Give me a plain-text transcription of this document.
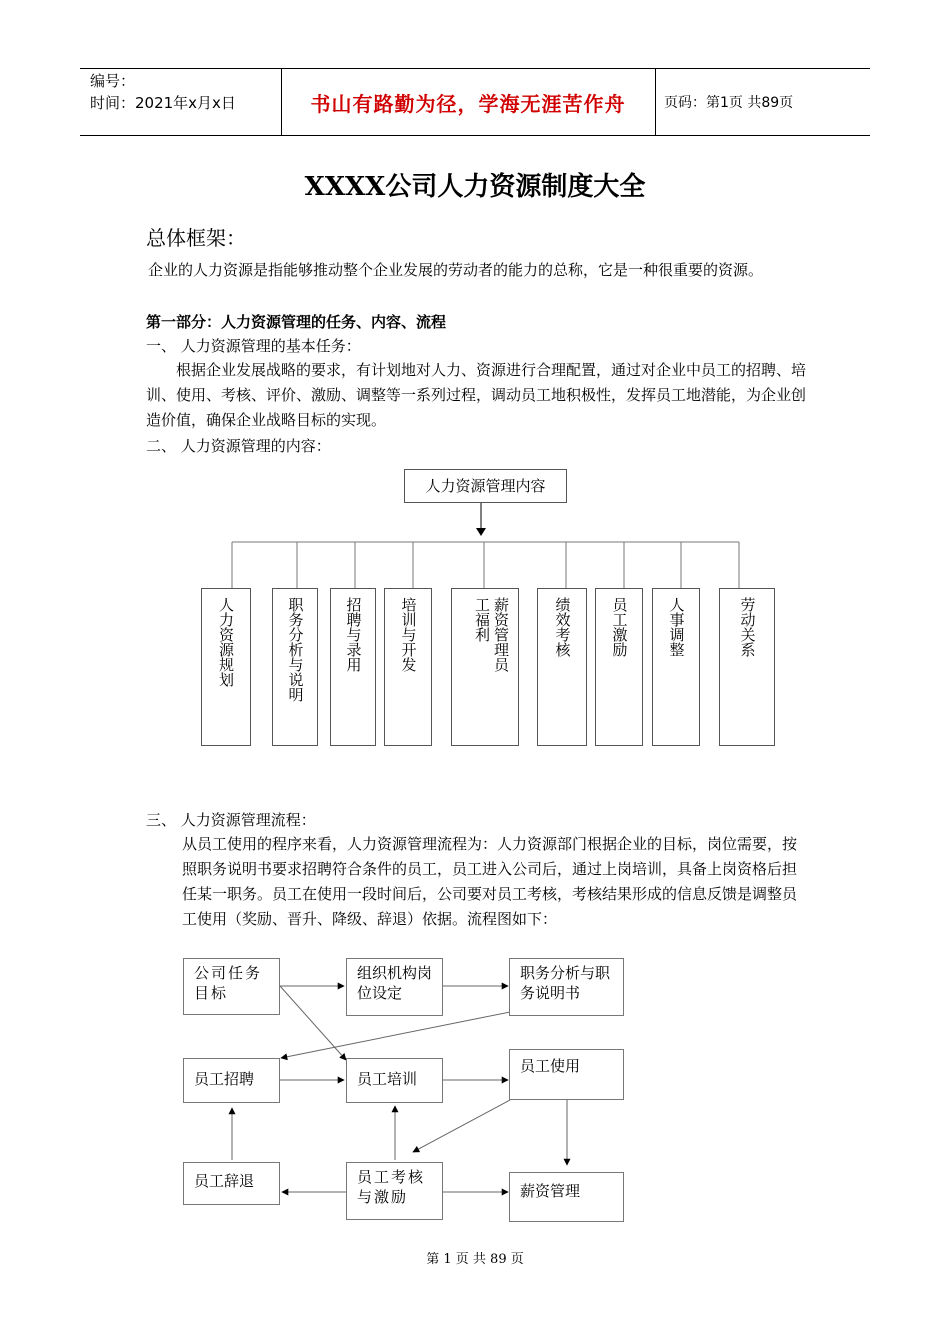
编号：
时间：2021年x月x日	书山有路勤为径，学海无涯苦作舟	页码：第1页 共89页
XXXX公司人力资源制度大全
总体框架：
企业的人力资源是指能够推动整个企业发展的劳动者的能力的总称，它是一种很重要的资源。
第一部分：人力资源管理的任务、内容、流程
一、 人力资源管理的基本任务：
根据企业发展战略的要求，有计划地对人力、资源进行合理配置，通过对企业中员工的招聘、培训、使用、考核、评价、激励、调整等一系列过程，调动员工地积极性，发挥员工地潜能，为企业创造价值，确保企业战略目标的实现。
二、 人力资源管理的内容：
人力资源管理内容
人力资源规划	职务分析与说明	招聘与录用 培训与开发	薪资管理员工福利	绩效考核	员工激励	人事调整	劳动关系
三、 人力资源管理流程：
从员工使用的程序来看，人力资源管理流程为：人力资源部门根据企业的目标，岗位需要，按照职务说明书要求招聘符合条件的员工，员工进入公司后，通过上岗培训，具备上岗资格后担任某一职务。员工在使用一段时间后，公司要对员工考核，考核结果形成的信息反馈是调整员工使用（奖励、晋升、降级、辞退）依据。流程图如下：
公司任务目标
组织机构岗位设定
职务分析与职务说明书
员工招聘	员工培训
员工使用
员工辞退	员工考核与激励	薪资管理
第 1 页 共 89 页
